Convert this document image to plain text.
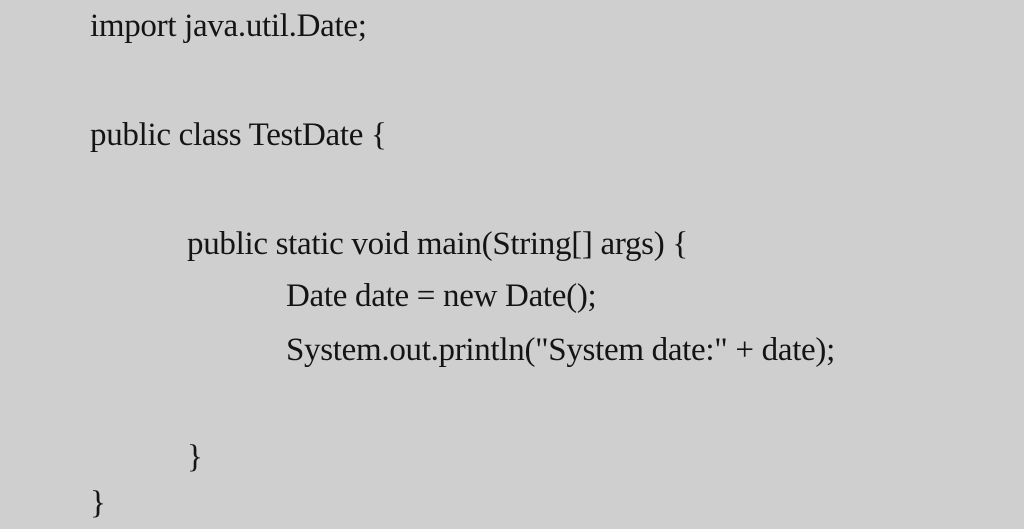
import java.util.Date;
public class TestDate {
public static void main(String[] args) {
Date date = new Date();
System.out.println("System date:" + date);
}
}
